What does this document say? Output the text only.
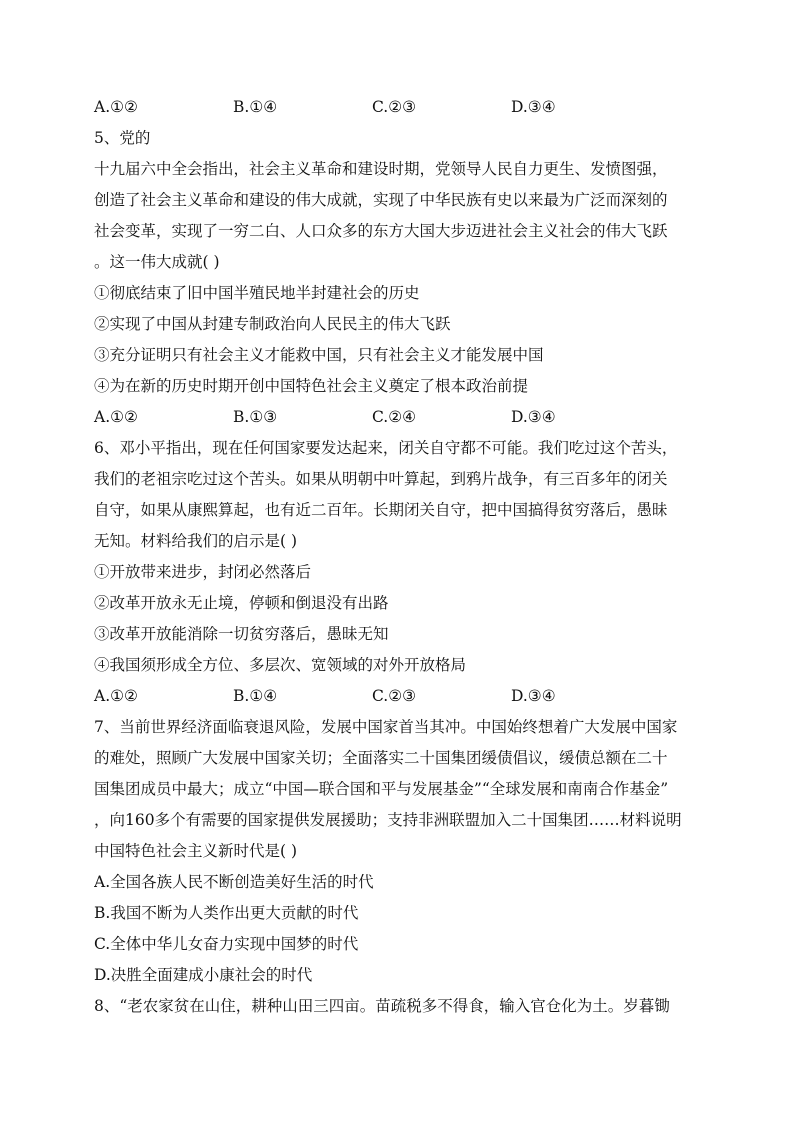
A.①②	B.①④	C.②③	D.③④
5、党的
十九届六中全会指出，社会主义革命和建设时期，党领导人民自力更生、发愤图强，
创造了社会主义革命和建设的伟大成就，实现了中华民族有史以来最为广泛而深刻的
社会变革，实现了一穷二白、人口众多的东方大国大步迈进社会主义社会的伟大飞跃
。这一伟大成就( )
①彻底结束了旧中国半殖民地半封建社会的历史
②实现了中国从封建专制政治向人民民主的伟大飞跃
③充分证明只有社会主义才能救中国，只有社会主义才能发展中国
④为在新的历史时期开创中国特色社会主义奠定了根本政治前提
A.①②	B.①③	C.②④	D.③④
6、邓小平指出，现在任何国家要发达起来，闭关自守都不可能。我们吃过这个苦头，
我们的老祖宗吃过这个苦头。如果从明朝中叶算起，到鸦片战争，有三百多年的闭关
自守，如果从康熙算起，也有近二百年。长期闭关自守，把中国搞得贫穷落后，愚昧
无知。材料给我们的启示是( )
①开放带来进步，封闭必然落后
②改革开放永无止境，停顿和倒退没有出路
③改革开放能消除一切贫穷落后，愚昧无知
④我国须形成全方位、多层次、宽领域的对外开放格局
A.①②	B.①④	C.②③	D.③④
7、当前世界经济面临衰退风险，发展中国家首当其冲。中国始终想着广大发展中国家
的难处，照顾广大发展中国家关切；全面落实二十国集团缓债倡议，缓债总额在二十
国集团成员中最大；成立“中国—联合国和平与发展基金”“全球发展和南南合作基金”
，向160多个有需要的国家提供发展援助；支持非洲联盟加入二十国集团……材料说明
中国特色社会主义新时代是( )
A.全国各族人民不断创造美好生活的时代
B.我国不断为人类作出更大贡献的时代
C.全体中华儿女奋力实现中国梦的时代
D.决胜全面建成小康社会的时代
8、“老农家贫在山住，耕种山田三四亩。苗疏税多不得食，输入官仓化为土。岁暮锄
